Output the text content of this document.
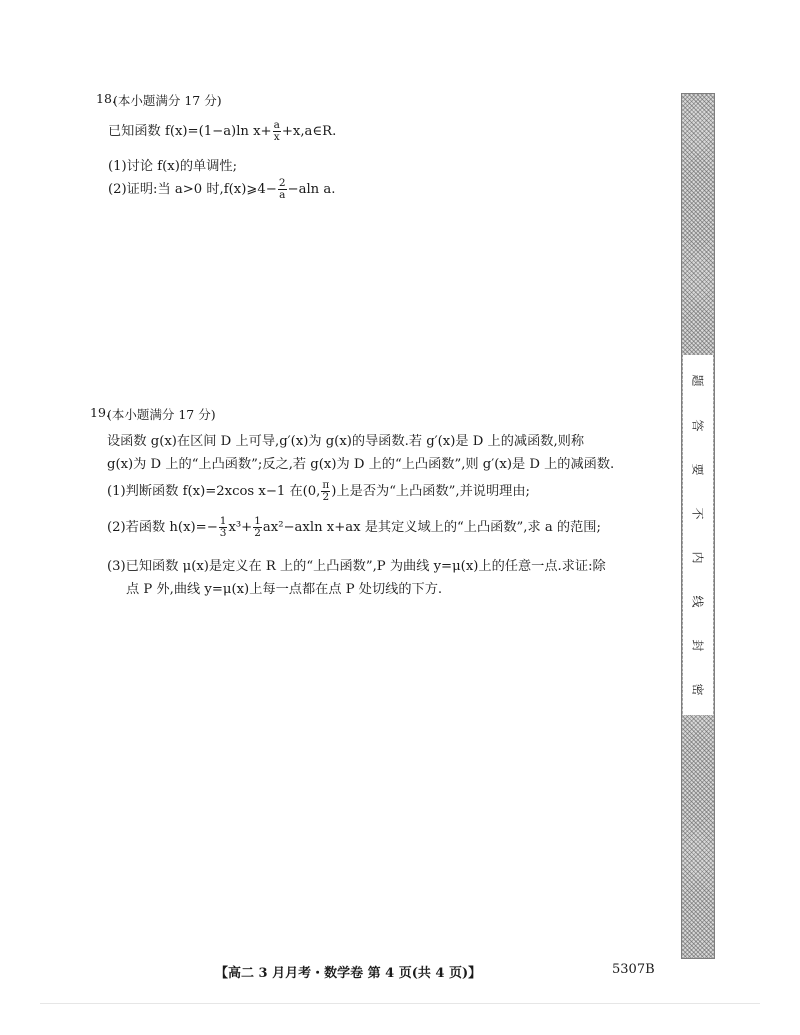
18.
(本小题满分 17 分)
已知函数 f(x)=(1−a)ln $x+ \frac{a}{x}$ +x,a∈R.
(1)讨论 f(x)的单调性;
(2)证明:当 a>0 时,f(x)⩾4− $\frac{2}{a} -aln$ a.
19.
(本小题满分 17 分)
设函数 g(x)在区间 D 上可导,g′(x)为 g(x)的导函数.若 g′(x)是 D 上的减函数,则称
g(x)为 D 上的“上凸函数”;反之,若 g(x)为 D 上的“上凸函数”,则 g′(x)是 D 上的减函数.
(1)判断函数 f(x)=2xcos x−1 在(0, $\frac{\pi}{2}$ )上是否为“上凸函数”,并说明理由;
(2)若函数 $h(x)=- \frac{1}{3} x^3+ \frac{1}{2} ax^2-axln$ x+ax 是其定义域上的“上凸函数”,求 a 的范围;
(3)已知函数 μ(x)是定义在 R 上的“上凸函数”,P 为曲线 y=μ(x)上的任意一点.求证:除
点 P 外,曲线 y=μ(x)上每一点都在点 P 处切线的下方.
题
答
要
不
内
线
封
密
【高二 3 月月考・数学卷 第 4 页(共 4 页)】	5307B
